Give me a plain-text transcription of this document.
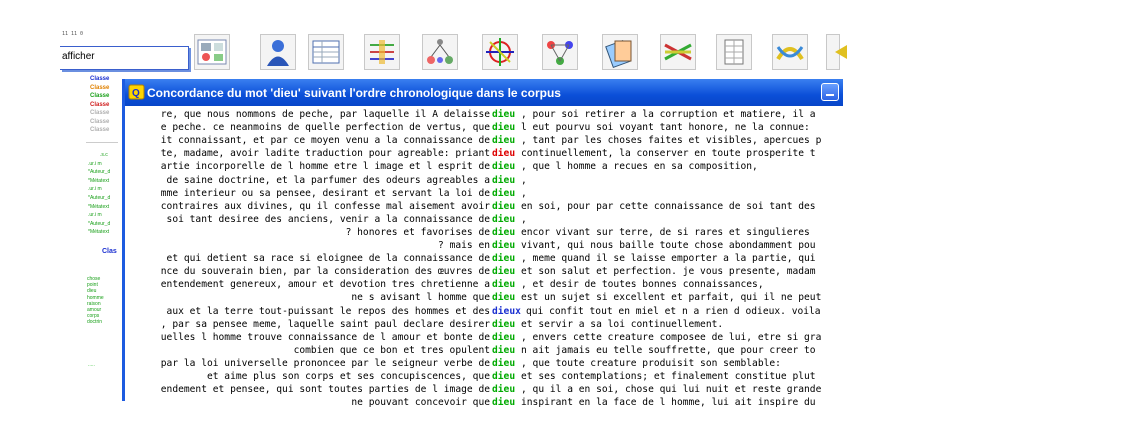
11 11 0
afficher
Classe
Classe
Classe
Classe
Classe
Classe
Classe
.s.c
.ur.i m
*Auteur_d
*Métatext
.ur.i m
*Auteur_d
*Métatext
.ur.i m
*Auteur_d
*Métatext
Clas
chose
point
dieu
homme
raison
amour
corps
doctrin
.....
Q Concordance du mot 'dieu' suivant l'ordre chronologique dans le corpus
re, que nous nommons de peche, par laquelle il A delaisse dieu , pour soi retirer a la corruption et matiere, il a
e peche. ce neanmoins de quelle perfection de vertus, que dieu l eut pourvu soi voyant tant honore, ne la connue:
it connaissant, et par ce moyen venu a la connaissance de dieu , tant par les choses faites et visibles, apercues p
te, madame, avoir ladite traduction pour agreable: priant dieu continuellement, la conserver en toute prosperite t
artie incorporelle de l homme etre l image et l esprit de dieu , que l homme a recues en sa composition,
de saine doctrine, et la parfumer des odeurs agreables a dieu ,
mme interieur ou sa pensee, desirant et servant la loi de dieu ,
contraires aux divines, qu il confesse mal aisement avoir dieu en soi, pour par cette connaissance de soi tant des
soi tant desiree des anciens, venir a la connaissance de dieu ,
? honores et favorises de dieu encor vivant sur terre, de si rares et singulieres
? mais en dieu vivant, qui nous baille toute chose abondamment pou
et qui detient sa race si eloignee de la connaissance de dieu , meme quand il se laisse emporter a la partie, qui
nce du souverain bien, par la consideration des œuvres de dieu et son salut et perfection. je vous presente, madam
entendement genereux, amour et devotion tres chretienne a dieu , et desir de toutes bonnes connaissances,
ne s avisant l homme que dieu est un sujet si excellent et parfait, qui il ne peut
aux et la terre tout-puissant le repos des hommes et des dieux qui confit tout en miel et n a rien d odieux. voila
, par sa pensee meme, laquelle saint paul declare desirer dieu et servir a sa loi continuellement.
uelles l homme trouve connaissance de l amour et bonte de dieu , envers cette creature composee de lui, etre si gra
combien que ce bon et tres opulent dieu n ait jamais eu telle souffrette, que pour creer to
par la loi universelle prononcee par le seigneur verbe de dieu , que toute creature produisit son semblable:
et aime plus son corps et ses concupiscences, que dieu et ses contemplations; et finalement constitue plut
endement et pensee, qui sont toutes parties de l image de dieu , qu il a en soi, chose qui lui nuit et reste grande
ne pouvant concevoir que dieu inspirant en la face de l homme, lui ait inspire du
